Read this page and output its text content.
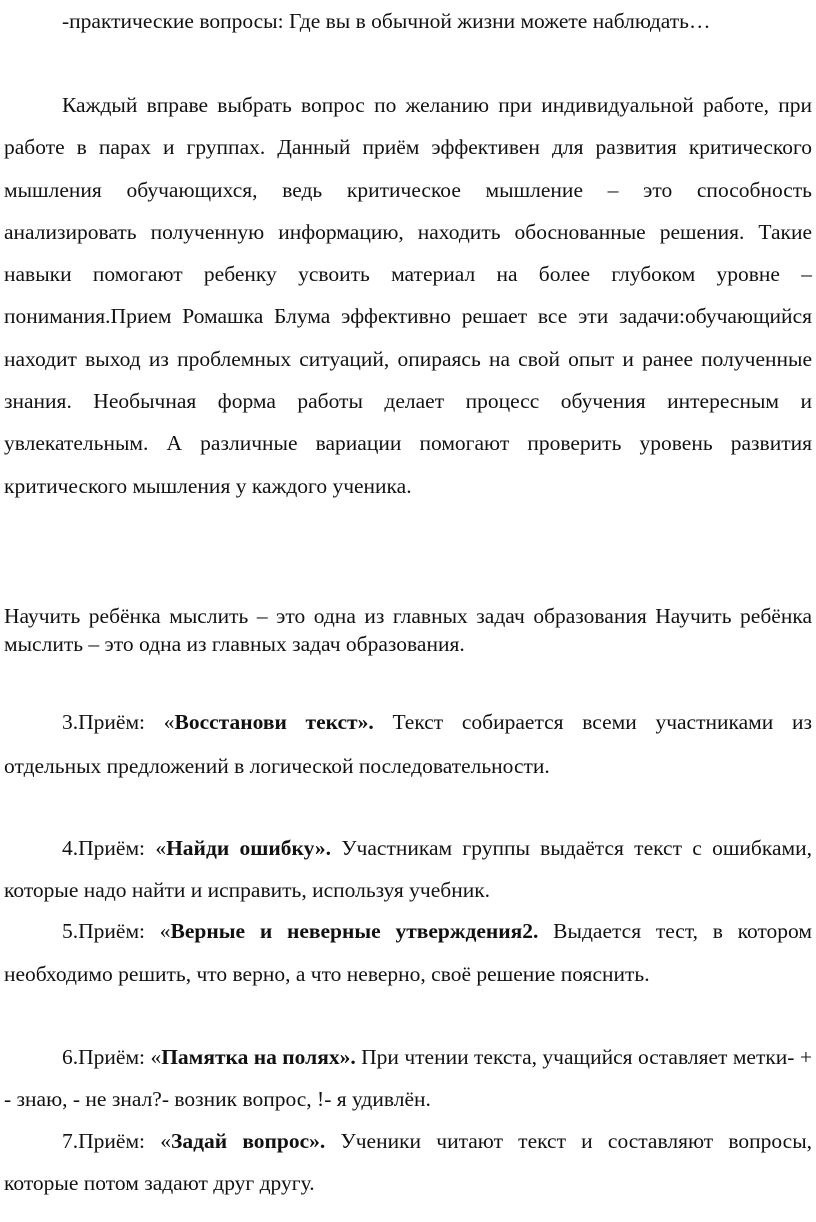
-практические вопросы: Где вы в обычной жизни можете наблюдать…

Каждый вправе выбрать вопрос по желанию при индивидуальной работе, при работе в парах и группах. Данный приём эффективен для развития критического мышления обучающихся, ведь критическое мышление – это способность анализировать полученную информацию, находить обоснованные решения. Такие навыки помогают ребенку усвоить материал на более глубоком уровне – понимания.Прием Ромашка Блума эффективно решает все эти задачи:обучающийся находит выход из проблемных ситуаций, опираясь на свой опыт и ранее полученные знания. Необычная форма работы делает процесс обучения интересным и увлекательным. А различные вариации помогают проверить уровень развития критического мышления у каждого ученика.

Научить ребёнка мыслить – это одна из главных задач образования Научить ребёнка мыслить – это одна из главных задач образования.

3.Приём: «Восстанови текст». Текст собирается всеми участниками из отдельных предложений в логической последовательности.

4.Приём: «Найди ошибку». Участникам группы выдаётся текст с ошибками, которые надо найти и исправить, используя учебник.

5.Приём: «Верные и неверные утверждения2. Выдается тест, в котором необходимо решить, что верно, а что неверно, своё решение пояснить.

6.Приём: «Памятка на полях». При чтении текста, учащийся оставляет метки- + - знаю, - не знал?- возник вопрос, !- я удивлён.

7.Приём: «Задай вопрос». Ученики читают текст и составляют вопросы, которые потом задают друг другу.
